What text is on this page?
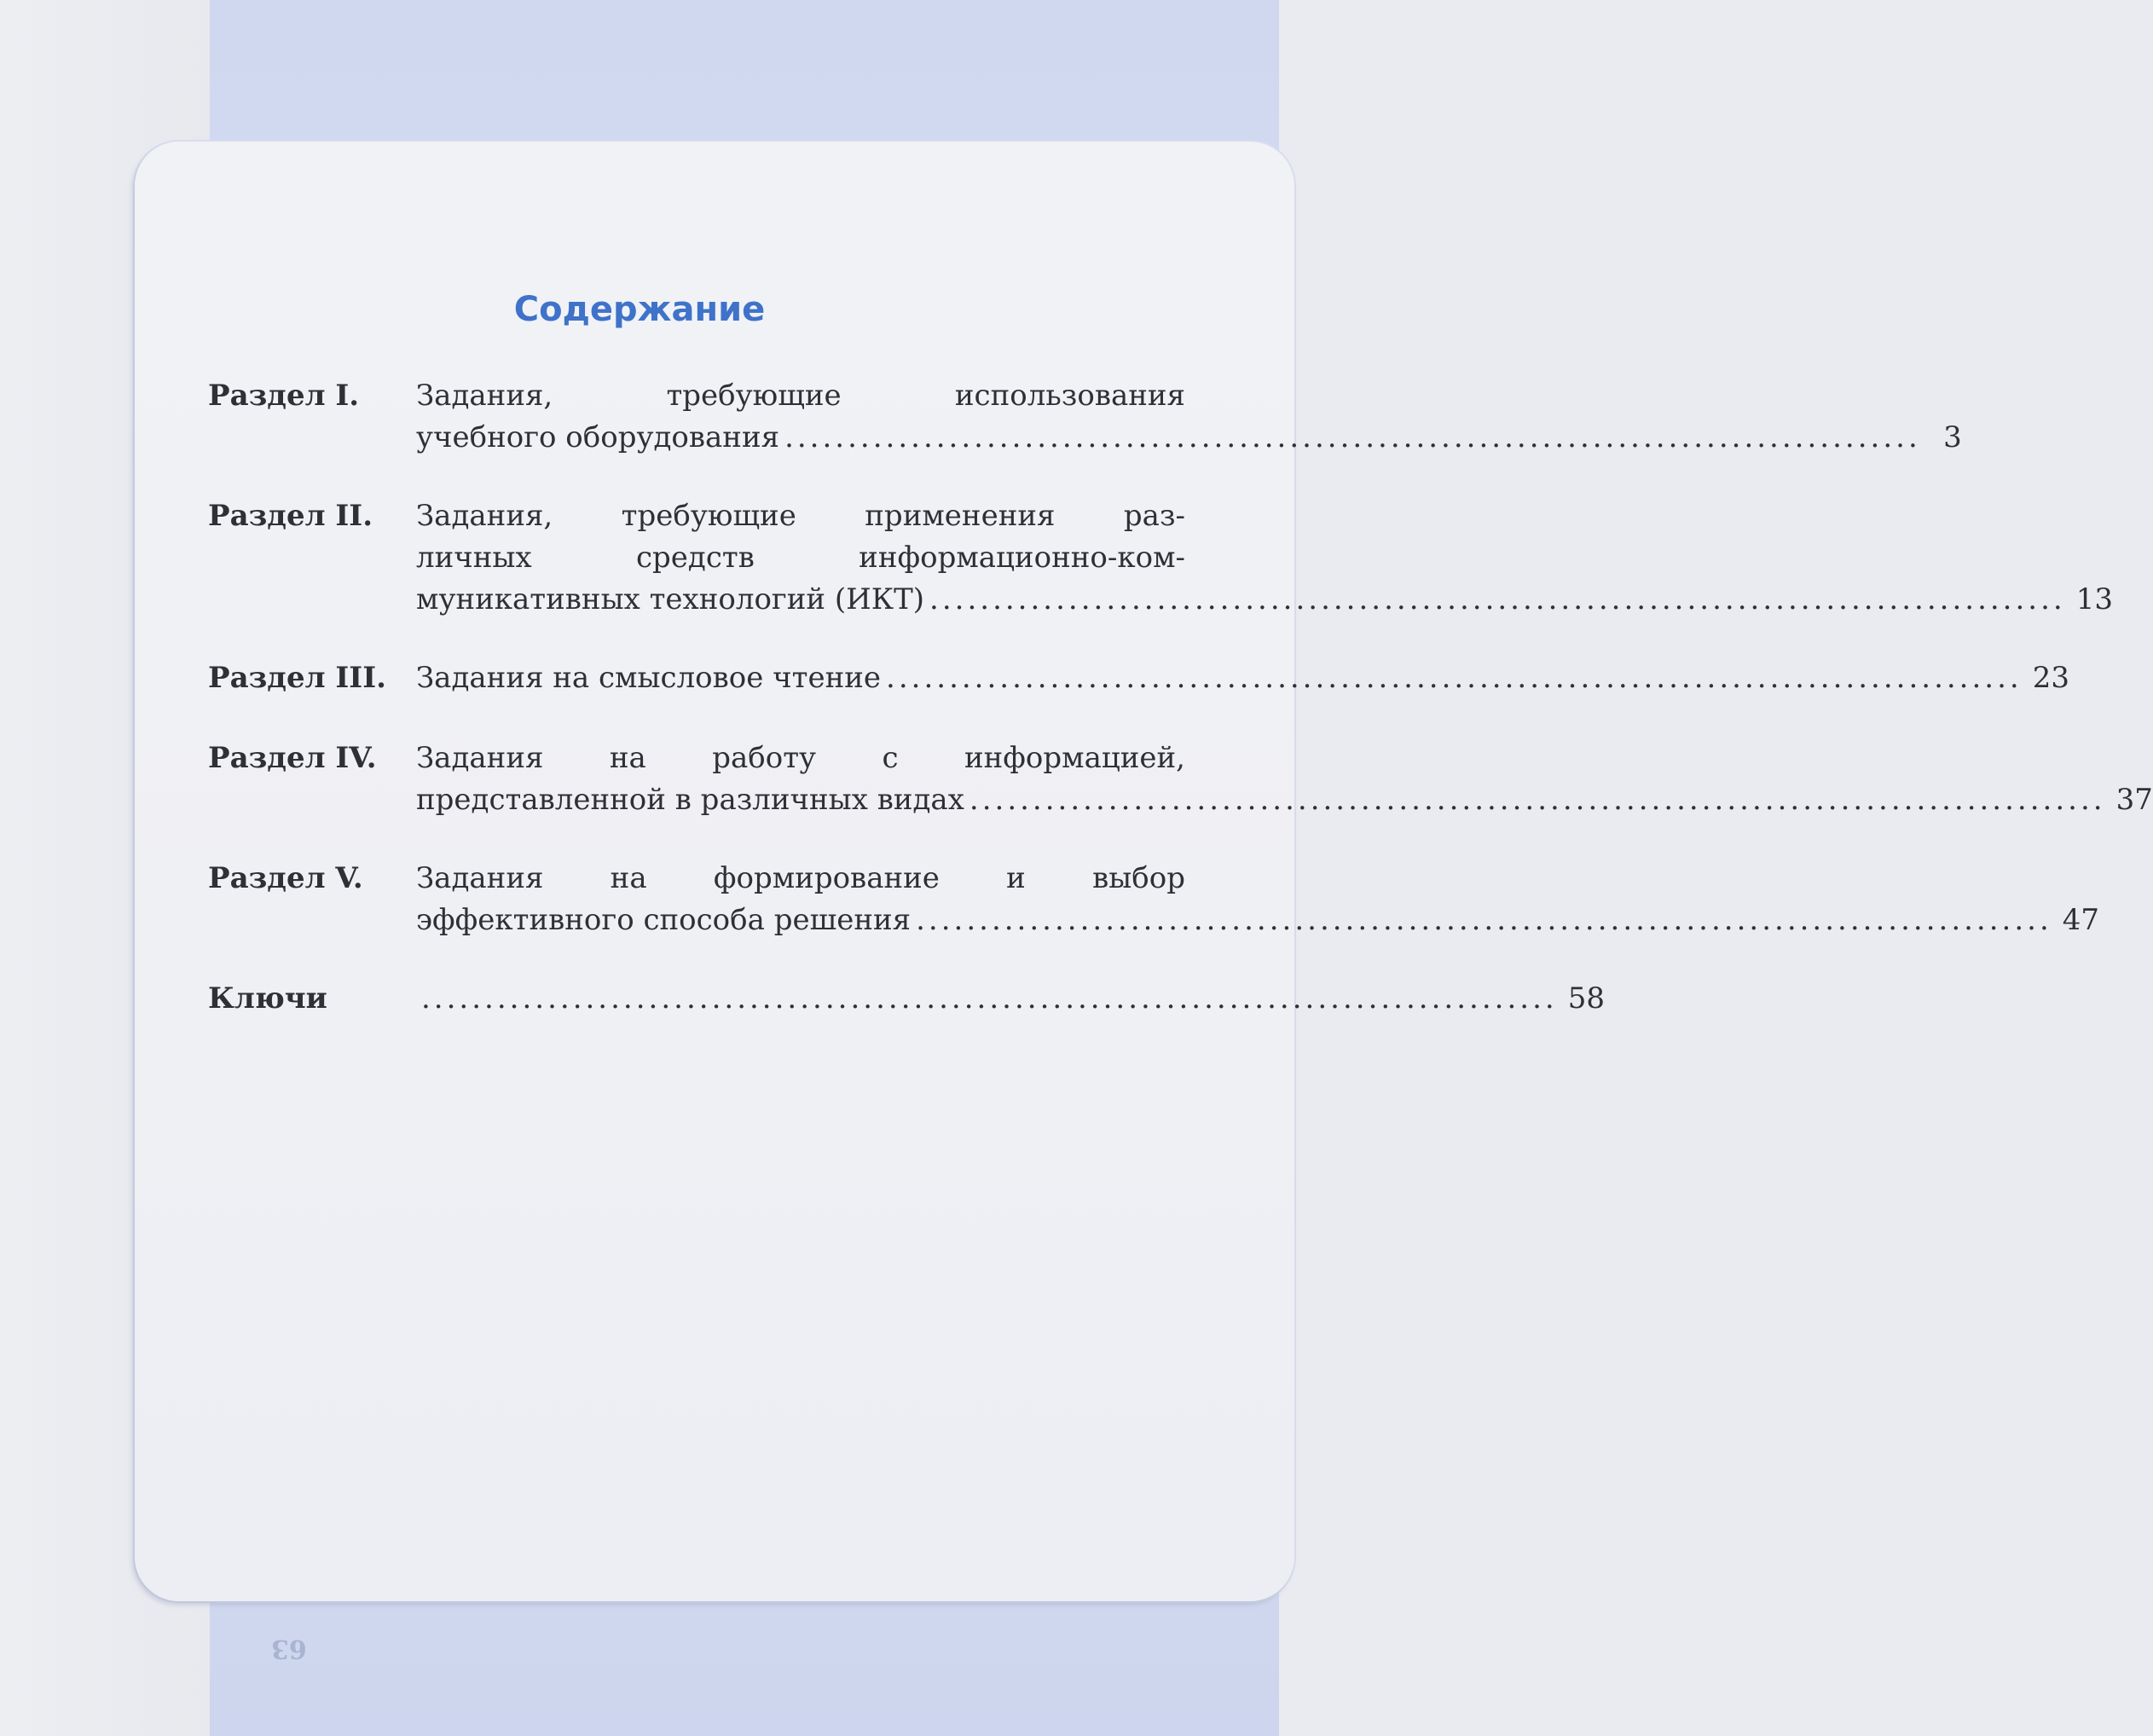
63
Содержание
Раздел I.	Задания, требующие использования
учебного оборудования .......................................................................................... 3
Раздел II.	Задания, требующие применения раз-
личных средств информационно-ком-
муникативных технологий (ИКТ) .......................................................................................... 13
Раздел III.	Задания на смысловое чтение .......................................................................................... 23
Раздел IV.	Задания на работу с информацией,
представленной в различных видах .......................................................................................... 37
Раздел V.	Задания на формирование и выбор
эффективного способа решения .......................................................................................... 47
Ключи	.......................................................................................... 58
